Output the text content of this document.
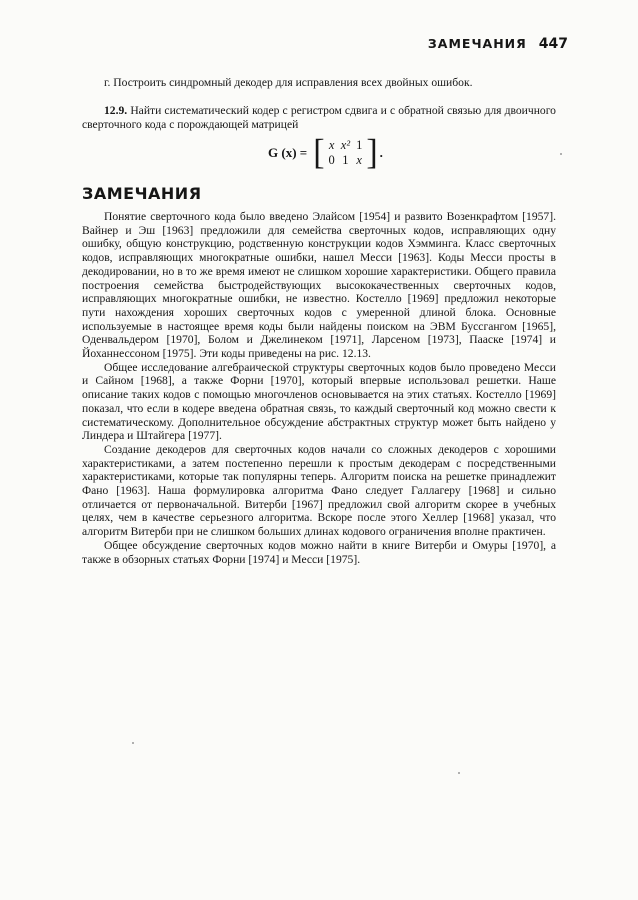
ЗАМЕЧАНИЯ 447

г. Построить синдромный декодер для исправления всех двойных ошибок.

12.9. Найти систематический кодер с регистром сдвига и с обратной связью для двоичного сверточного кода с порождающей матрицей

G (x) = [ x	x²	1
0	1	x ] .
ЗАМЕЧАНИЯ

Понятие сверточного кода было введено Элайсом [1954] и развито Возенкрафтом [1957]. Вайнер и Эш [1963] предложили для семейства сверточных кодов, исправляющих одну ошибку, общую конструкцию, родственную конструкции кодов Хэмминга. Класс сверточных кодов, исправляющих многократные ошибки, нашел Месси [1963]. Коды Месси просты в декодировании, но в то же время имеют не слишком хорошие характеристики. Общего правила построения семейства быстродействующих высококачественных сверточных кодов, исправляющих многократные ошибки, не известно. Костелло [1969] предложил некоторые пути нахождения хороших сверточных кодов с умеренной длиной блока. Основные используемые в настоящее время коды были найдены поиском на ЭВМ Буссгангом [1965], Оденвальдером [1970], Болом и Джелинеком [1971], Ларсеном [1973], Пааске [1974] и Йоханнессоном [1975]. Эти коды приведены на рис. 12.13.

Общее исследование алгебраической структуры сверточных кодов было проведено Месси и Сайном [1968], а также Форни [1970], который впервые использовал решетки. Наше описание таких кодов с помощью многочленов основывается на этих статьях. Костелло [1969] показал, что если в кодере введена обратная связь, то каждый сверточный код можно свести к систематическому. Дополнительное обсуждение абстрактных структур может быть найдено у Линдера и Штайгера [1977].

Создание декодеров для сверточных кодов начали со сложных декодеров с хорошими характеристиками, а затем постепенно перешли к простым декодерам с посредственными характеристиками, которые так популярны теперь. Алгоритм поиска на решетке принадлежит Фано [1963]. Наша формулировка алгоритма Фано следует Галлагеру [1968] и сильно отличается от первоначальной. Витерби [1967] предложил свой алгоритм скорее в учебных целях, чем в качестве серьезного алгоритма. Вскоре после этого Хеллер [1968] указал, что алгоритм Витерби при не слишком больших длинах кодового ограничения вполне практичен.

Общее обсуждение сверточных кодов можно найти в книге Витерби и Омуры [1970], а также в обзорных статьях Форни [1974] и Месси [1975].
